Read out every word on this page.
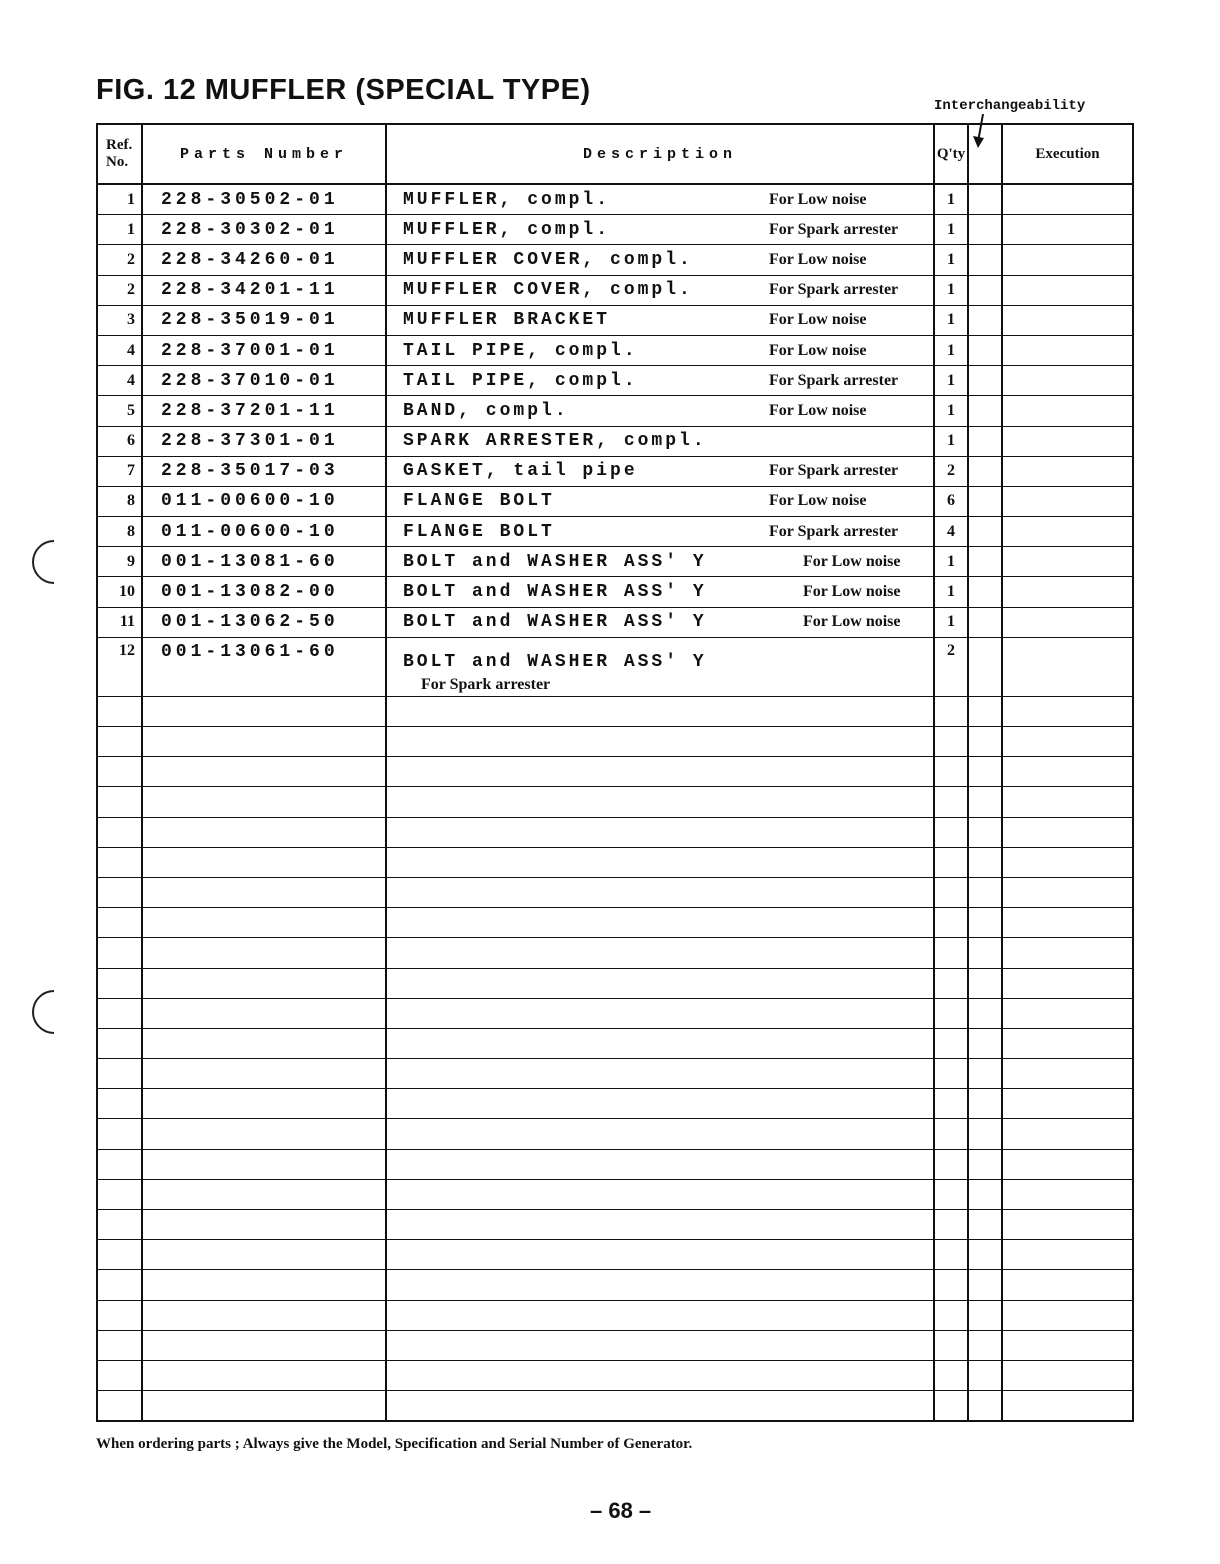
FIG. 12 MUFFLER (SPECIAL TYPE)	Interchangeability
Ref.
No.	Parts Number	Description	Q'ty		Execution
1	228-30502-01	MUFFLER, compl. For Low noise	1		
1	228-30302-01	MUFFLER, compl. For Spark arrester	1		
2	228-34260-01	MUFFLER COVER, compl. For Low noise	1		
2	228-34201-11	MUFFLER COVER, compl. For Spark arrester	1		
3	228-35019-01	MUFFLER BRACKET For Low noise	1		
4	228-37001-01	TAIL PIPE, compl. For Low noise	1		
4	228-37010-01	TAIL PIPE, compl. For Spark arrester	1		
5	228-37201-11	BAND, compl. For Low noise	1		
6	228-37301-01	SPARK ARRESTER, compl.	1		
7	228-35017-03	GASKET, tail pipe For Spark arrester	2		
8	011-00600-10	FLANGE BOLT For Low noise	6		
8	011-00600-10	FLANGE BOLT For Spark arrester	4		
9	001-13081-60	BOLT and WASHER ASS' Y For Low noise	1		
10	001-13082-00	BOLT and WASHER ASS' Y For Low noise	1		
11	001-13062-50	BOLT and WASHER ASS' Y For Low noise	1		
12	001-13061-60	BOLT and WASHER ASS' Y
For Spark arrester	2		

When ordering parts ; Always give the Model, Specification and Serial Number of Generator.
– 68 –
